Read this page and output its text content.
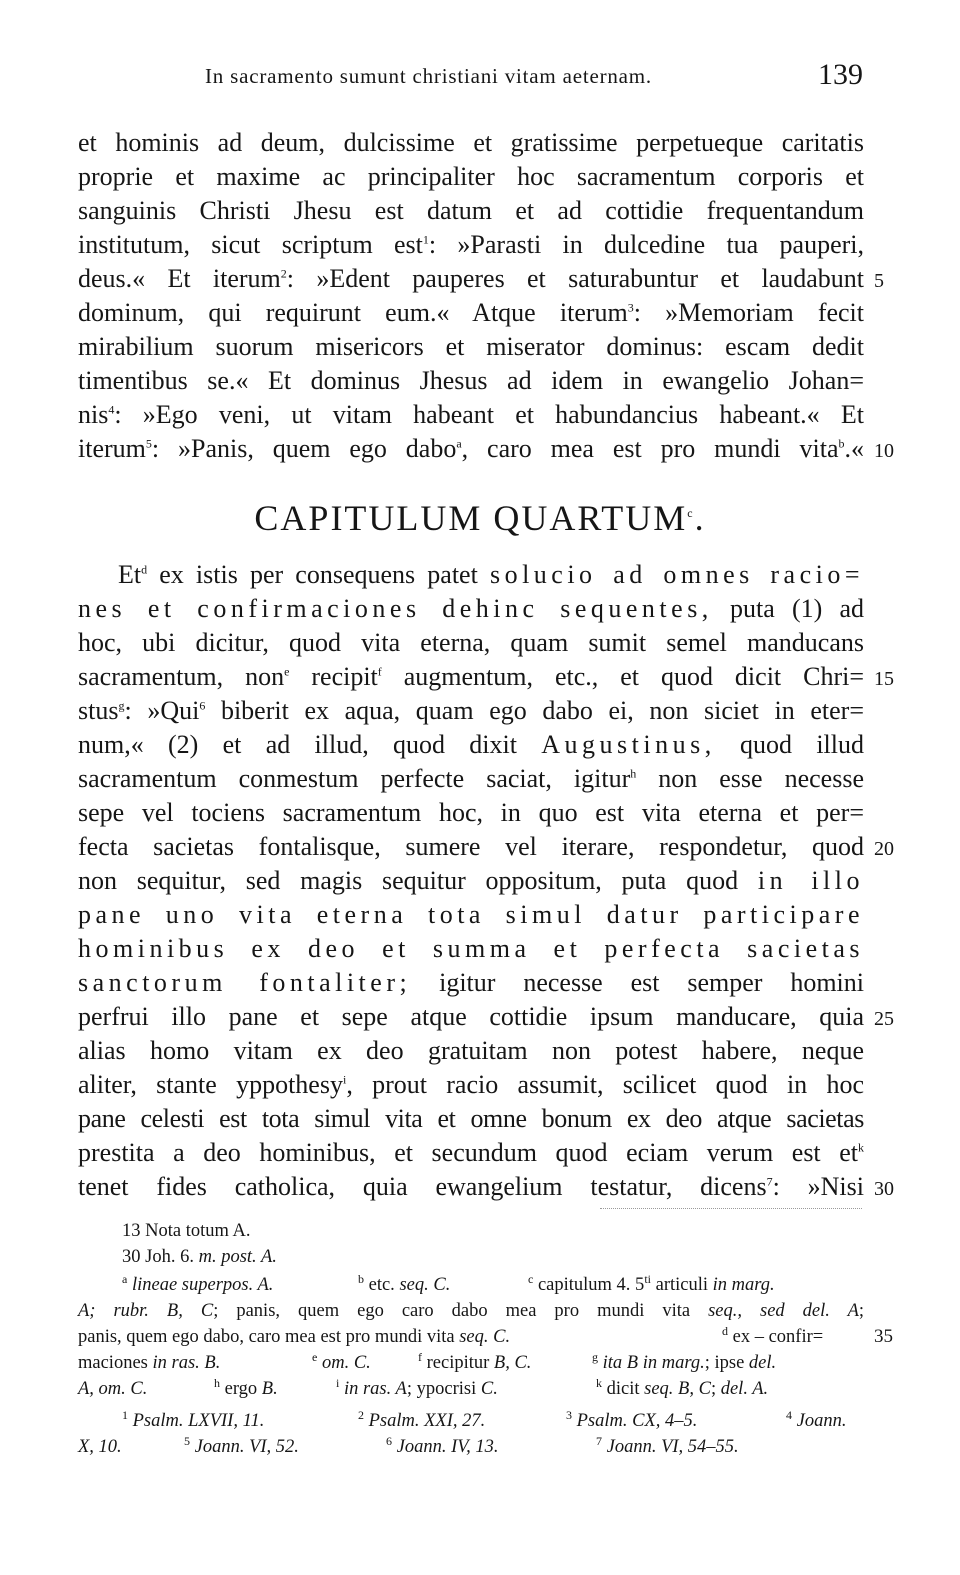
In sacramento sumunt christiani vitam aeternam.	139
et hominis ad deum, dulcissime et gratissime perpetueque caritatis
proprie et maxime ac principaliter hoc sacramentum corporis et
sanguinis Christi Jhesu est datum et ad cottidie frequentandum
institutum, sicut scriptum est$^1$: »Parasti in dulcedine tua pauperi,
deus.« Et iterum$^2$: »Edent pauperes et saturabuntur et laudabunt 5
dominum, qui requirunt eum.« Atque iterum$^3$: »Memoriam fecit
mirabilium suorum misericors et miserator dominus: escam dedit
timentibus se.« Et dominus Jhesus ad idem in ewangelio Johan=
nis$^4$: »Ego veni, ut vitam habeant et habundancius habeant.« Et
iterum$^5$: »Panis, quem ego dabo$^a$, caro mea est pro mundi vita$^b$.« 10
CAPITULUM QUARTUM$^c$.
Et$^d$ ex istis per consequens patet solucio ad omnes racio=
nes et confirmaciones dehinc sequentes, puta (1) ad
hoc, ubi dicitur, quod vita eterna, quam sumit semel manducans
sacramentum, non$^e$ recipit$^f$ augmentum, etc., et quod dicit Chri= 15
stus$^g$: »Qui$^6$ biberit ex aqua, quam ego dabo ei, non siciet in eter=
num,« (2) et ad illud, quod dixit Augustinus, quod illud
sacramentum conmestum perfecte saciat, igitur$^h$ non esse necesse
sepe vel tociens sacramentum hoc, in quo est vita eterna et per=
fecta sacietas fontalisque, sumere vel iterare, respondetur, quod 20
non sequitur, sed magis sequitur oppositum, puta quod in illo
pane uno vita eterna tota simul datur participare
hominibus ex deo et summa et perfecta sacietas
sanctorum fontaliter; igitur necesse est semper homini
perfrui illo pane et sepe atque cottidie ipsum manducare, quia 25
alias homo vitam ex deo gratuitam non potest habere, neque
aliter, stante yppothesy$^i$, prout racio assumit, scilicet quod in hoc
pane celesti est tota simul vita et omne bonum ex deo atque sacietas
prestita a deo hominibus, et secundum quod eciam verum est $et^k$
tenet fides catholica, quia ewangelium testatur, dicens$^7$: »Nisi 30
13 Nota totum A.
30 Joh. 6. m. post. A.
$^a$ lineae superpos. A.	$^b$ etc. seq. C.	$^c$ capitulum 4. $5^{ti}$ articuli in marg.
A; rubr. B, C; panis, quem ego caro dabo mea pro mundi vita seq., sed del. A;
panis, quem ego dabo, caro mea est pro mundi vita seq. C.	$^d$ ex – confir=	35
maciones in ras. B.	$^e$ om. C.	$^f$ recipitur B, C.	$^g$ ita B in marg.; ipse del.
A, om. C.	$^h$ ergo B.	$^i$ in ras. A; ypocrisi C.	$^k$ dicit seq. B, C; del. A.
$^1$ Psalm. LXVII, 11.	$^2$ Psalm. XXI, 27.	$^3$ Psalm. CX, 4–5.	$^4$ Joann.
X, 10.	$^5$ Joann. VI, 52.	$^6$ Joann. IV, 13.	$^7$ Joann. VI, 54–55.
